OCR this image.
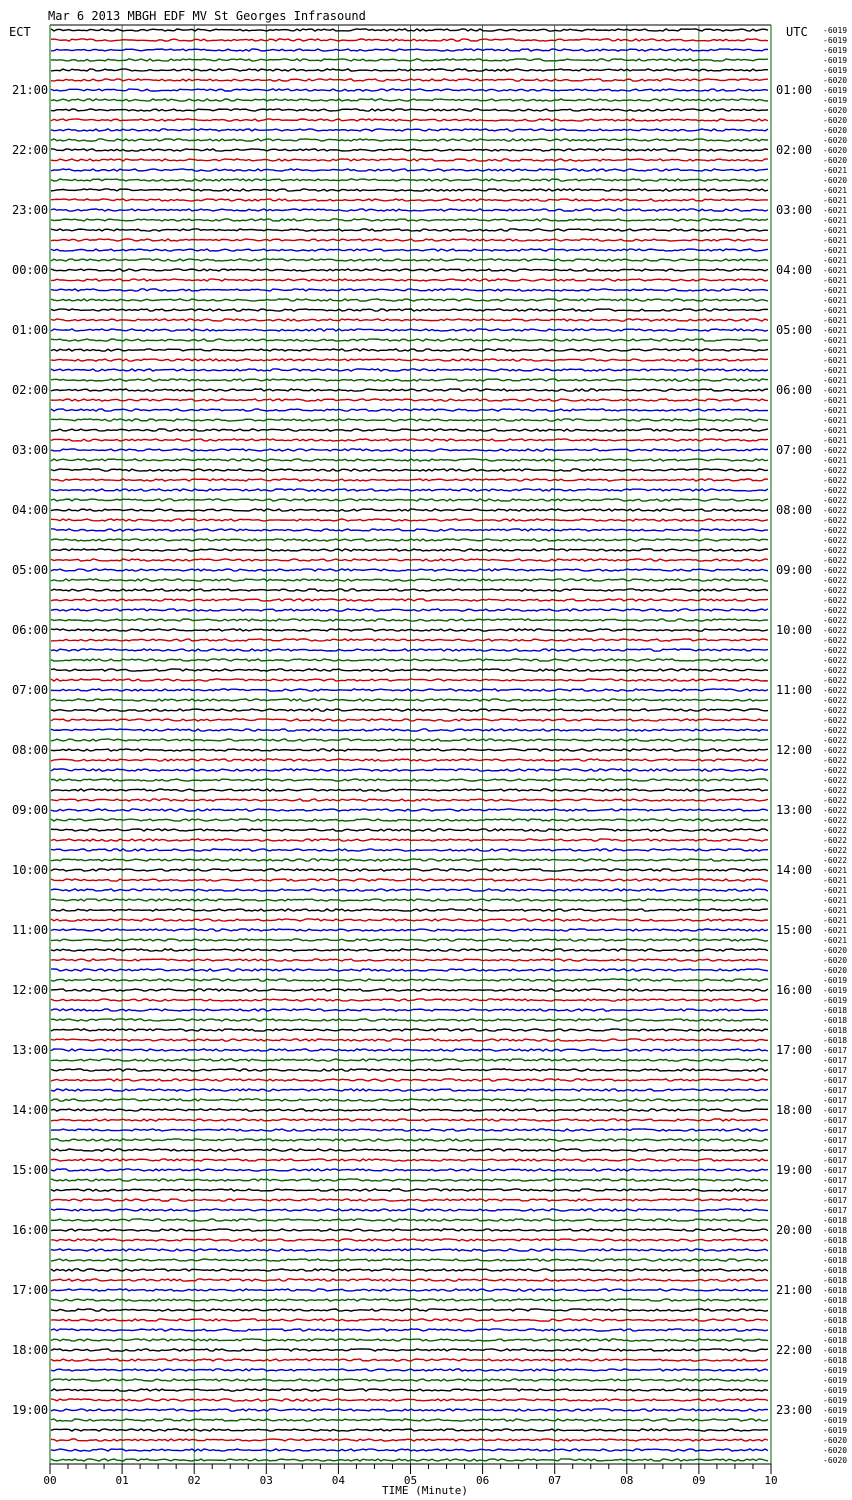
Mar 6 2013 MBGH EDF MV St Georges Infrasound
ECT	UTC -6019
-6019
-6019
-6019
-6019
-6020
-6019
-6019
-6020
-6020
-6020
-6020
-6020
-6020
-6021
-6020
-6021
-6021
-6021
-6021
-6021
-6021
-6021
-6021
-6021
-6021
-6021
-6021
-6021
-6021
-6021
-6021
-6021
-6021
-6021
-6021
-6021
-6021
-6021
-6021
-6021
-6021
-6022
-6021
-6022
-6022
-6022
-6022
-6022
-6022
-6022
-6022
-6022
-6022
-6022
-6022
-6022
-6022
-6022
-6022
-6022
-6022
-6022
-6022
-6022
-6022
-6022
-6022
-6022
-6022
-6022
-6022
-6022
-6022
-6022
-6022
-6022
-6022
-6022
-6022
-6022
-6022
-6022
-6022
-6021
-6021
-6021
-6021
-6021
-6021
-6021
-6021
-6020
-6020
-6020
-6019
-6019
-6019
-6018
-6018
-6018
-6018
-6017
-6017
-6017
-6017
-6017
-6017
-6017
-6017
-6017
-6017
-6017
-6017
-6017
-6017
-6017
-6017
-6017
-6018
-6018
-6018
-6018
-6018
-6018
-6018
-6018
-6018
-6018
-6018
-6018
-6018
-6018
-6018
-6019
-6019
-6019
-6019
-6019
-6019
-6019
-6020
-6020
-6020
21:00
22:00
23:00
00:00
01:00
02:00
03:00
04:00
05:00
06:00
07:00
08:00
09:00
10:00
11:00
12:00
13:00
14:00
15:00
16:00
17:00
18:00
19:00
01:00
02:00
03:00
04:00
05:00
06:00
07:00
08:00
09:00
10:00
11:00
12:00
13:00
14:00
15:00
16:00
17:00
18:00
19:00
20:00
21:00
22:00
23:00
00	01	02	03	04	05	06	07	08	09	10
TIME (Minute)
